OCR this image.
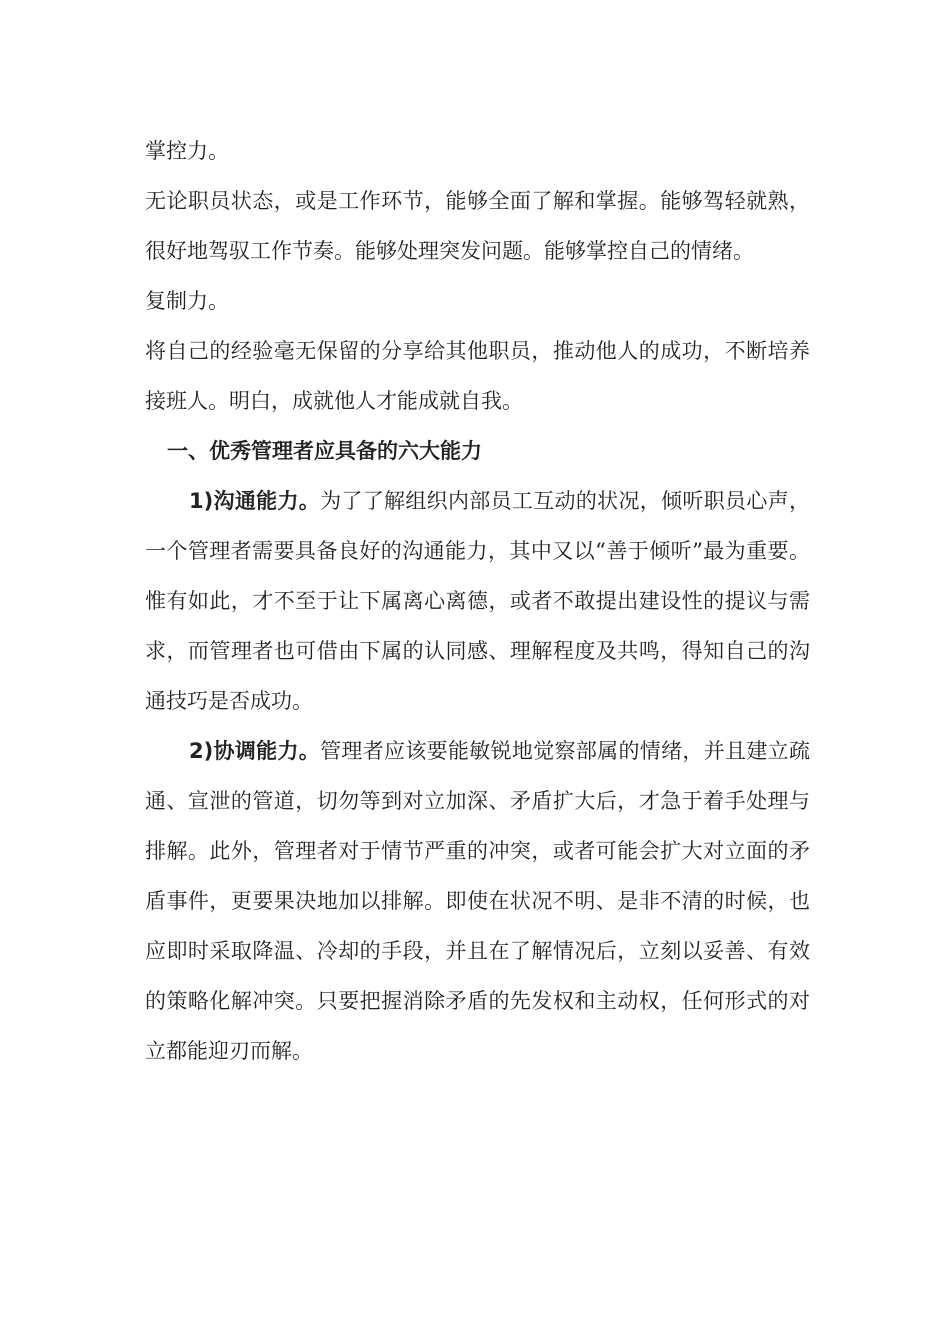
掌控力。

无论职员状态，或是工作环节，能够全面了解和掌握。能够驾轻就熟，很好地驾驭工作节奏。能够处理突发问题。能够掌控自己的情绪。

复制力。

将自己的经验毫无保留的分享给其他职员，推动他人的成功，不断培养接班人。明白，成就他人才能成就自我。

一、优秀管理者应具备的六大能力

1)沟通能力。为了了解组织内部员工互动的状况，倾听职员心声，一个管理者需要具备良好的沟通能力，其中又以“善于倾听”最为重要。惟有如此，才不至于让下属离心离德，或者不敢提出建设性的提议与需求，而管理者也可借由下属的认同感、理解程度及共鸣，得知自己的沟通技巧是否成功。

2)协调能力。管理者应该要能敏锐地觉察部属的情绪，并且建立疏通、宣泄的管道，切勿等到对立加深、矛盾扩大后，才急于着手处理与排解。此外，管理者对于情节严重的冲突，或者可能会扩大对立面的矛盾事件，更要果决地加以排解。即使在状况不明、是非不清的时候，也应即时采取降温、冷却的手段，并且在了解情况后，立刻以妥善、有效的策略化解冲突。只要把握消除矛盾的先发权和主动权，任何形式的对立都能迎刃而解。
